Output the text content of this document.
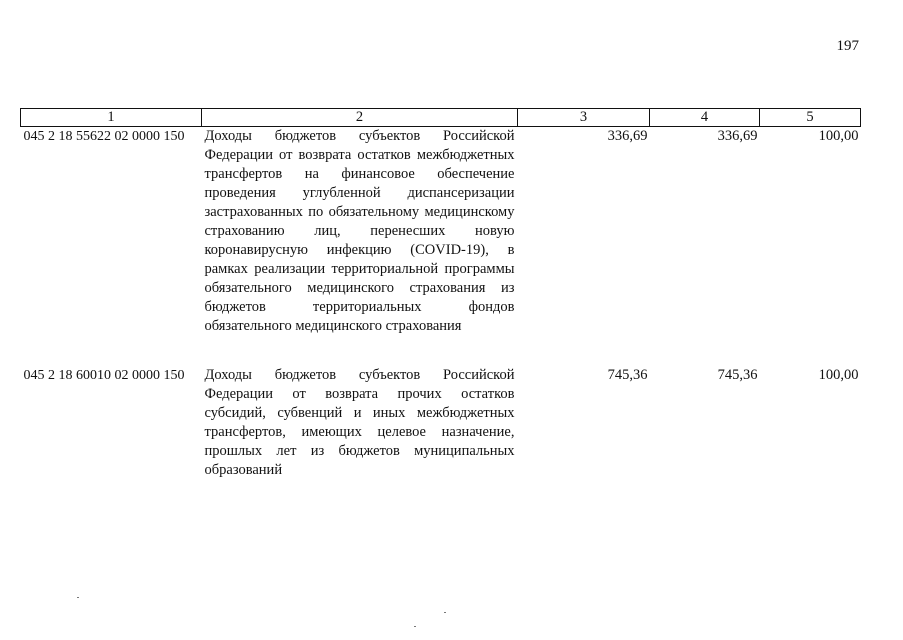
197
1	2	3	4	5
045 2 18 55622 02 0000 150	Доходы бюджетов субъектов Российской Федерации от возврата остатков межбюджетных трансфертов на финансовое обеспечение проведения углубленной диспансеризации застрахованных по обязательному медицинскому страхованию лиц, перенесших новую коронавирусную инфекцию (COVID-19), в рамках реализации территориальной программы обязательного медицинского страхования из бюджетов территориальных фондов обязательного медицинского страхования	336,69	336,69	100,00

045 2 18 60010 02 0000 150	Доходы бюджетов субъектов Российской Федерации от возврата прочих остатков субсидий, субвенций и иных межбюджетных трансфертов, имеющих целевое назначение, прошлых лет из бюджетов муниципальных образований	745,36	745,36	100,00
